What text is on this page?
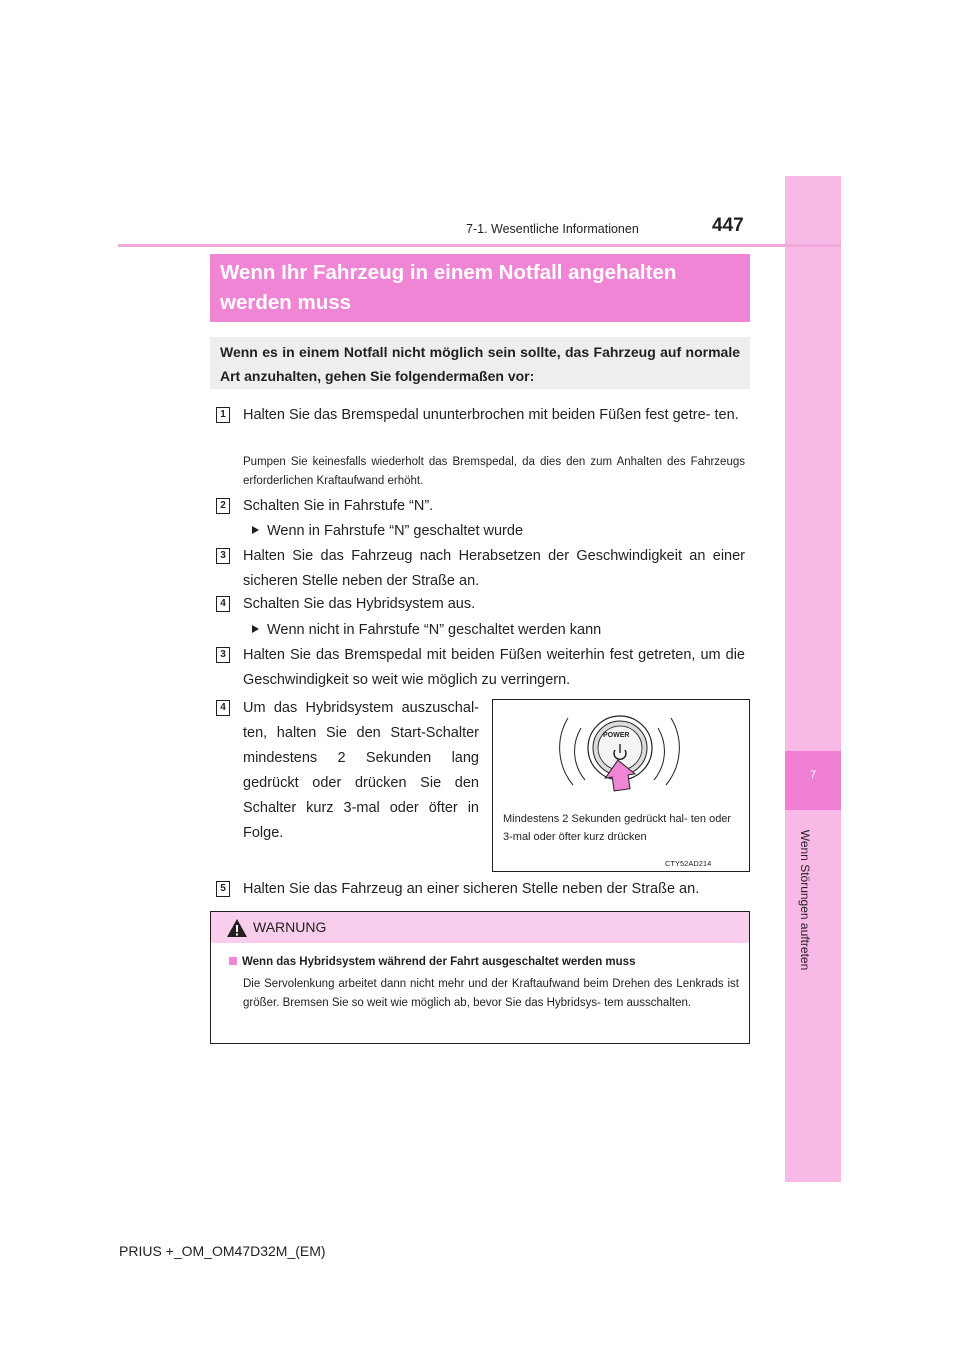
7
Wenn Störungen auftreten
7-1. Wesentliche Informationen	447
Wenn Ihr Fahrzeug in einem Notfall angehalten werden muss
Wenn es in einem Notfall nicht möglich sein sollte, das Fahrzeug auf normale Art anzuhalten, gehen Sie folgendermaßen vor:
1 Halten Sie das Bremspedal ununterbrochen mit beiden Füßen fest getre- ten.
Pumpen Sie keinesfalls wiederholt das Bremspedal, da dies den zum Anhalten des Fahrzeugs erforderlichen Kraftaufwand erhöht.
2 Schalten Sie in Fahrstufe “N”.
Wenn in Fahrstufe “N” geschaltet wurde
3 Halten Sie das Fahrzeug nach Herabsetzen der Geschwindigkeit an einer sicheren Stelle neben der Straße an.
4 Schalten Sie das Hybridsystem aus.
Wenn nicht in Fahrstufe “N” geschaltet werden kann
3 Halten Sie das Bremspedal mit beiden Füßen weiterhin fest getreten, um die Geschwindigkeit so weit wie möglich zu verringern.
4 Um das Hybridsystem auszuschal- ten, halten Sie den Start-Schalter mindestens 2 Sekunden lang gedrückt oder drücken Sie den Schalter kurz 3-mal oder öfter in Folge.
POWER
Mindestens 2 Sekunden gedrückt hal- ten oder 3-mal oder öfter kurz drücken
CTY52AD214
5 Halten Sie das Fahrzeug an einer sicheren Stelle neben der Straße an.
WARNUNG
Wenn das Hybridsystem während der Fahrt ausgeschaltet werden muss
Die Servolenkung arbeitet dann nicht mehr und der Kraftaufwand beim Drehen des Lenkrads ist größer. Bremsen Sie so weit wie möglich ab, bevor Sie das Hybridsys- tem ausschalten.
PRIUS +_OM_OM47D32M_(EM)
